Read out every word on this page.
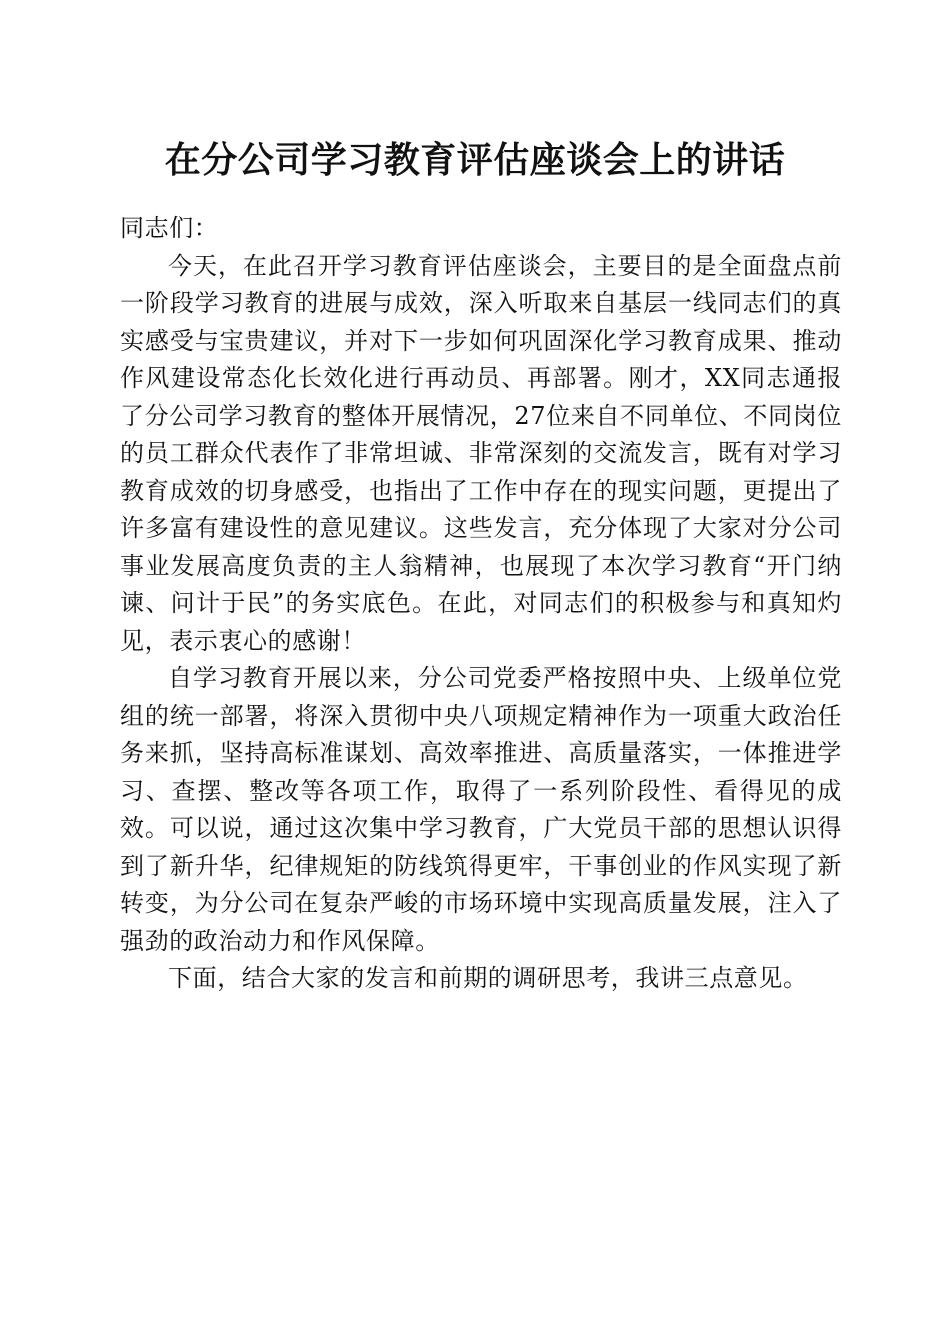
在分公司学习教育评估座谈会上的讲话

同志们：

今天，在此召开学习教育评估座谈会，主要目的是全面盘点前一阶段学习教育的进展与成效，深入听取来自基层一线同志们的真实感受与宝贵建议，并对下一步如何巩固深化学习教育成果、推动作风建设常态化长效化进行再动员、再部署。刚才，XX同志通报了分公司学习教育的整体开展情况，27位来自不同单位、不同岗位的员工群众代表作了非常坦诚、非常深刻的交流发言，既有对学习教育成效的切身感受，也指出了工作中存在的现实问题，更提出了许多富有建设性的意见建议。这些发言，充分体现了大家对分公司事业发展高度负责的主人翁精神，也展现了本次学习教育“开门纳谏、问计于民”的务实底色。在此，对同志们的积极参与和真知灼见，表示衷心的感谢！

自学习教育开展以来，分公司党委严格按照中央、上级单位党组的统一部署，将深入贯彻中央八项规定精神作为一项重大政治任务来抓，坚持高标准谋划、高效率推进、高质量落实，一体推进学习、查摆、整改等各项工作，取得了一系列阶段性、看得见的成效。可以说，通过这次集中学习教育，广大党员干部的思想认识得到了新升华，纪律规矩的防线筑得更牢，干事创业的作风实现了新转变，为分公司在复杂严峻的市场环境中实现高质量发展，注入了强劲的政治动力和作风保障。

下面，结合大家的发言和前期的调研思考，我讲三点意见。
